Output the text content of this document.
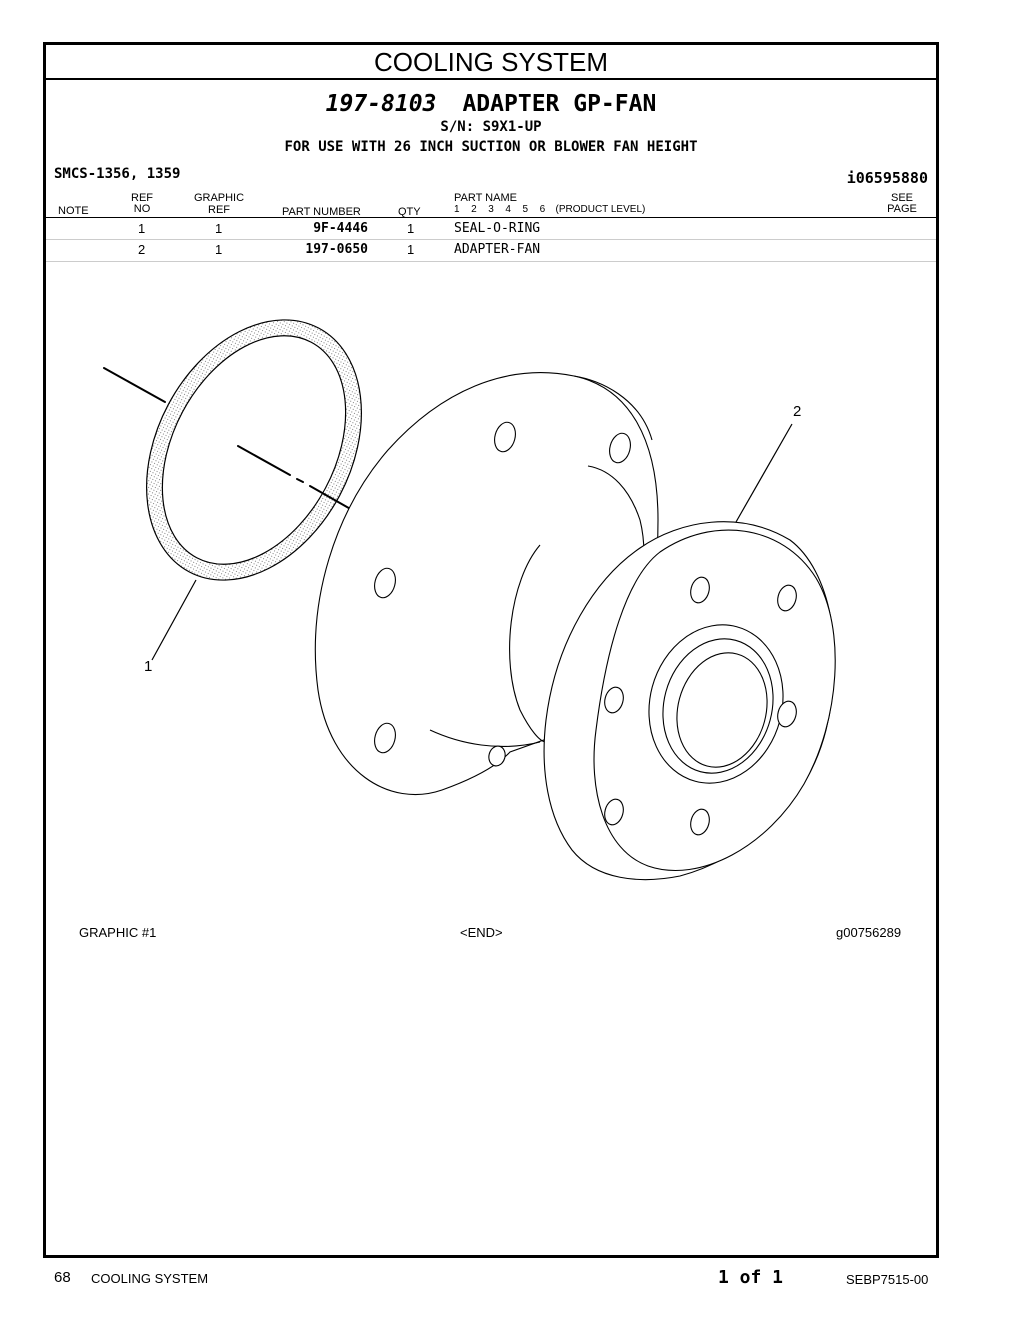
COOLING SYSTEM
197-8103 ADAPTER GP-FAN
S/N: S9X1-UP
FOR USE WITH 26 INCH SUCTION OR BLOWER FAN HEIGHT
SMCS-1356, 1359	i06595880
NOTE
REF
NO
GRAPHIC
REF	PART NUMBER	QTY
PART NAME
1  2  3  4  5  6 (PRODUCT LEVEL)
SEE
PAGE
1	1	9F-4446	1	SEAL-O-RING
2	1	197-0650	1	ADAPTER-FAN
1
2
GRAPHIC #1	<END>	g00756289
68 COOLING SYSTEM	1 of 1	SEBP7515-00
